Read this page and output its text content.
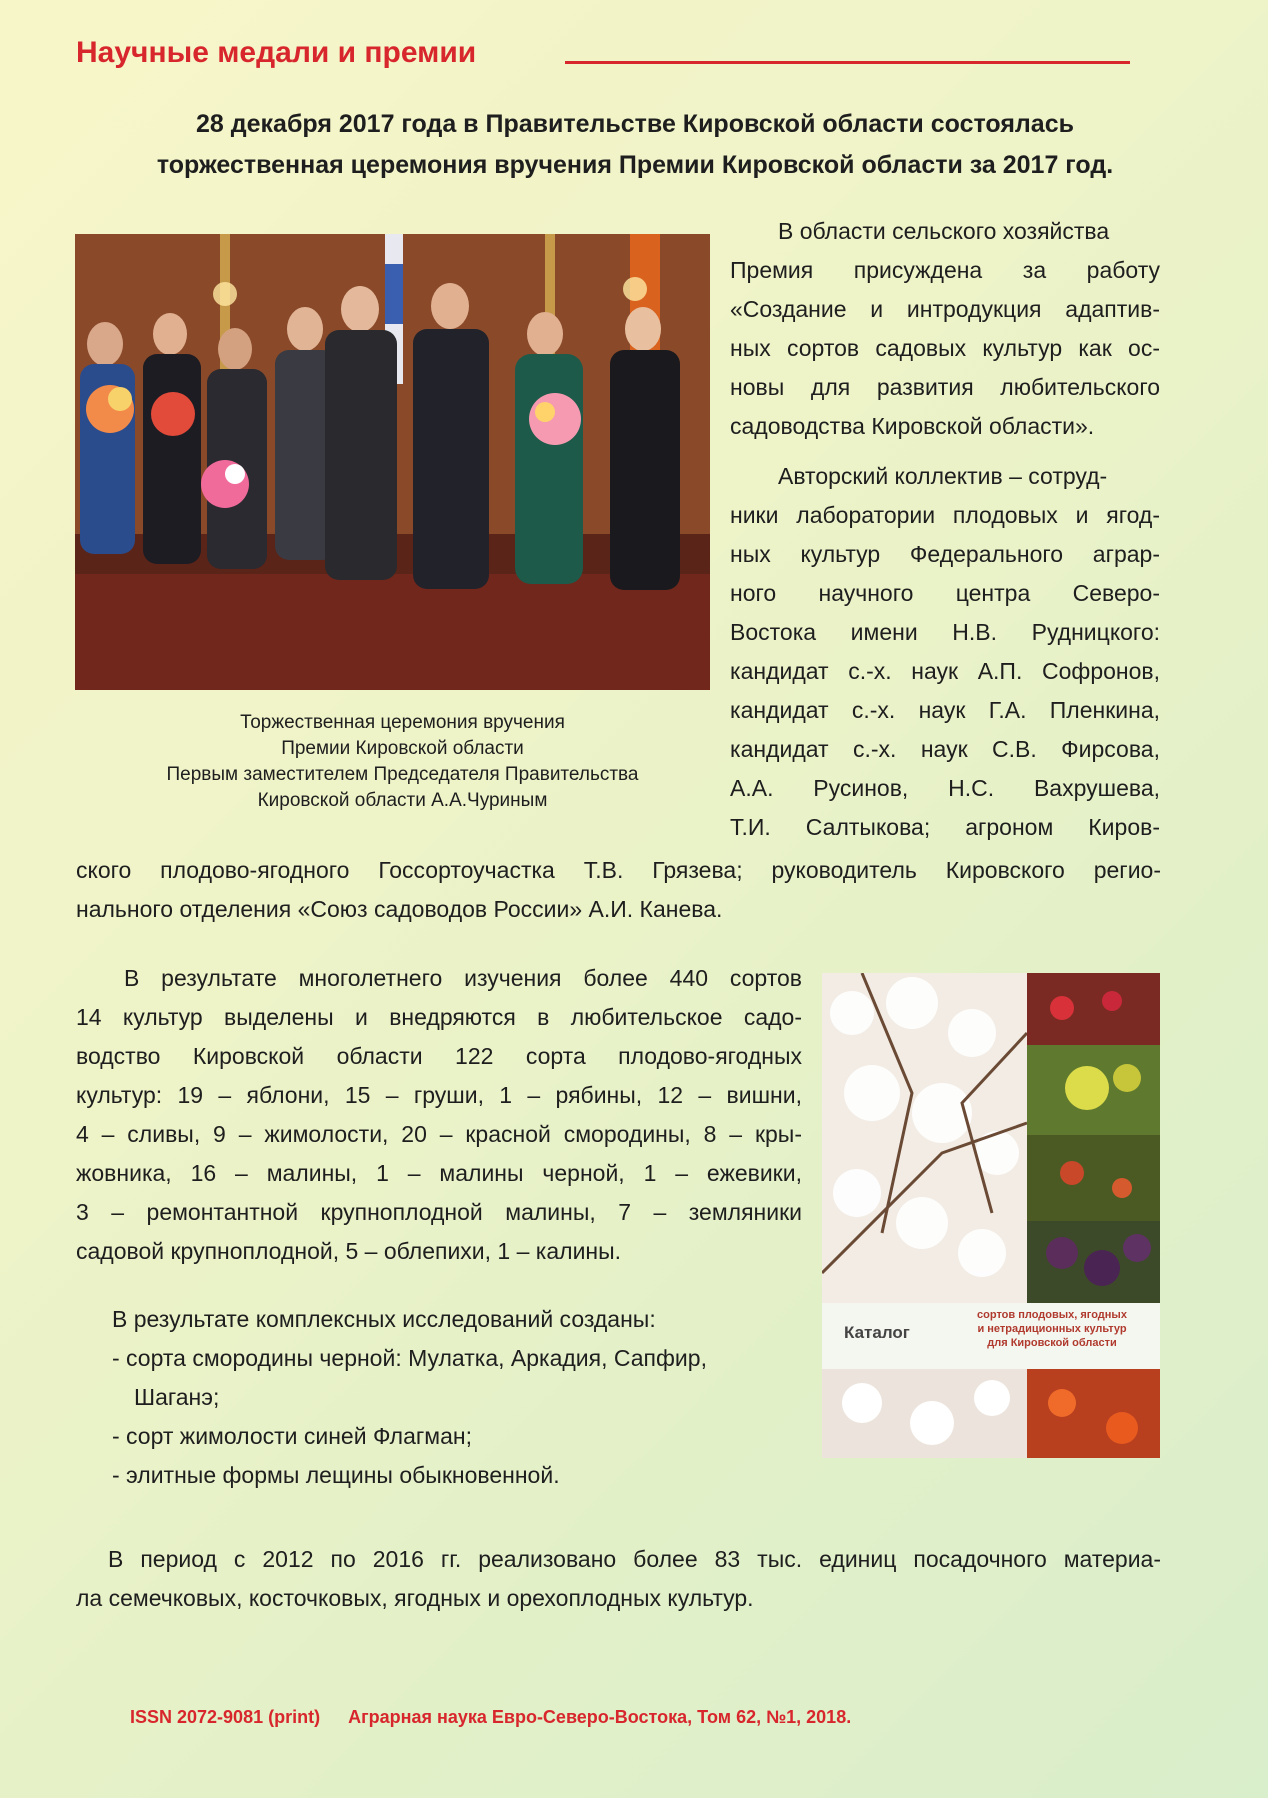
Научные медали и премии
28 декабря 2017 года в Правительстве Кировской области состоялась
торжественная церемония вручения Премии Кировской области за 2017 год.
Торжественная церемония вручения
Премии Кировской области
Первым заместителем Председателя Правительства
Кировской области А.А.Чуриным
В области сельского хозяйства
Премия присуждена за работу
«Создание и интродукция адаптив-
ных сортов садовых культур как ос-
новы для развития любительского
садоводства Кировской области».
Авторский коллектив – сотруд-
ники лаборатории плодовых и ягод-
ных культур Федерального аграр-
ного научного центра Северо-
Востока имени Н.В. Рудницкого:
кандидат с.-х. наук А.П. Софронов,
кандидат с.-х. наук Г.А. Пленкина,
кандидат с.-х. наук С.В. Фирсова,
А.А. Русинов, Н.С. Вахрушева,
Т.И. Салтыкова; агроном Киров-
ского плодово-ягодного Госсортоучастка Т.В. Грязева; руководитель Кировского регио-
нального отделения «Союз садоводов России» А.И. Канева.
В результате многолетнего изучения более 440 сортов
14 культур выделены и внедряются в любительское садо-
водство Кировской области 122 сорта плодово-ягодных
культур: 19 – яблони, 15 – груши, 1 – рябины, 12 – вишни,
4 – сливы, 9 – жимолости, 20 – красной смородины, 8 – кры-
жовника, 16 – малины, 1 – малины черной, 1 – ежевики,
3 – ремонтантной крупноплодной малины, 7 – земляники
садовой крупноплодной, 5 – облепихи, 1 – калины.
Каталог
сортов плодовых, ягодных
и нетрадиционных культур
для Кировской области
В результате комплексных исследований созданы:
- сорта смородины черной: Мулатка, Аркадия, Сапфир,
Шаганэ;
- сорт жимолости синей Флагман;
- элитные формы лещины обыкновенной.
В период с 2012 по 2016 гг. реализовано более 83 тыс. единиц посадочного материа-
ла семечковых, косточковых, ягодных и орехоплодных культур.
ISSN 2072-9081 (print) Аграрная наука Евро-Северо-Востока, Том 62, №1, 2018.
